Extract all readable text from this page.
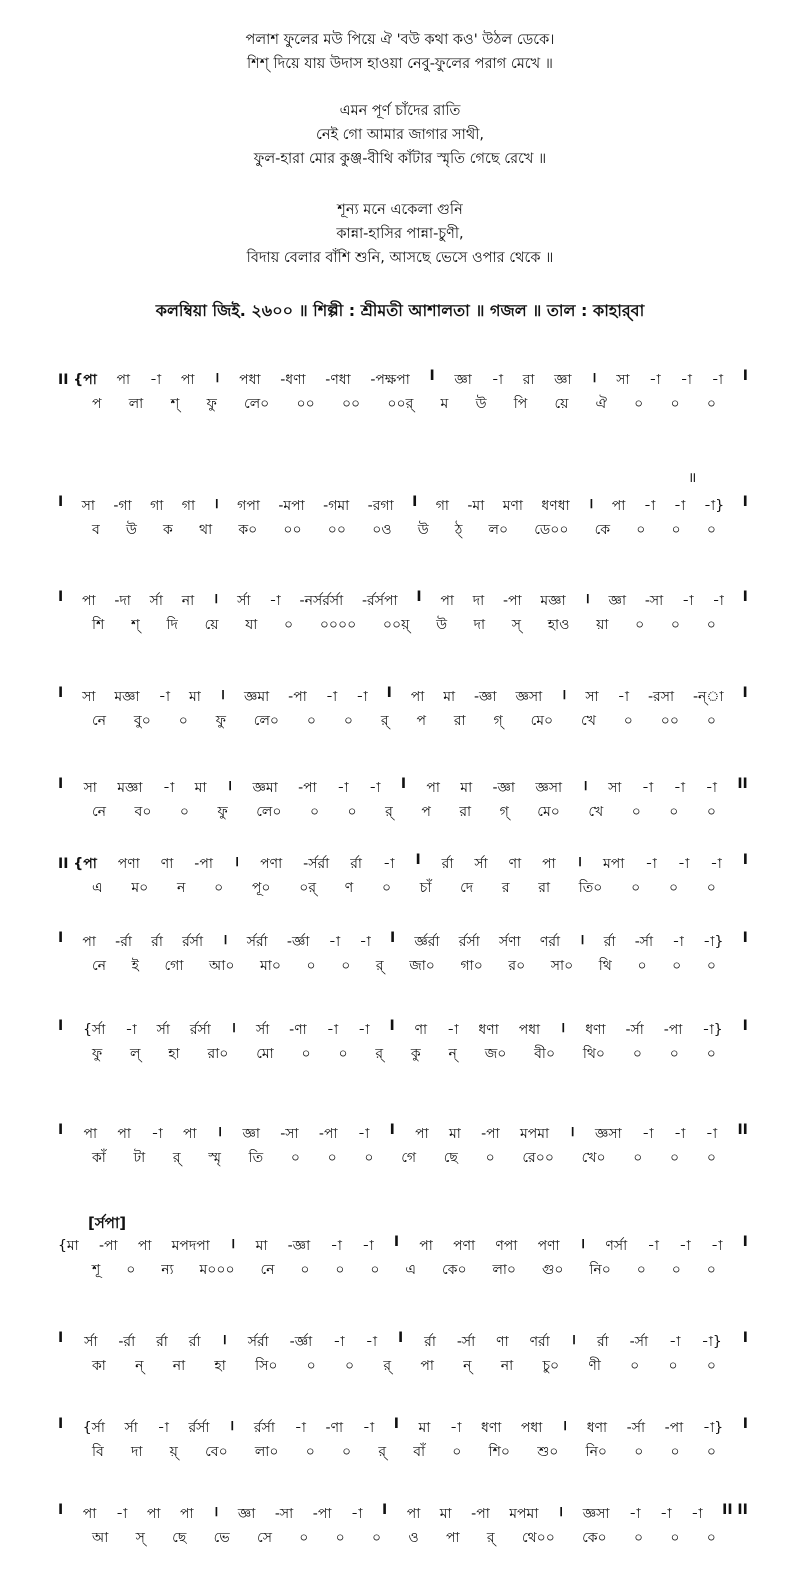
পলাশ ফুলের মউ পিয়ে ঐ 'বউ কথা কও' উঠল ডেকে।
শিশ্‌ দিয়ে যায় উদাস হাওয়া নেবু-ফুলের পরাগ মেখে ॥
এমন পূর্ণ চাঁদের রাতি
নেই গো আমার জাগার সাথী,
ফুল-হারা মোর কুঞ্জ-বীথি কাঁটার স্মৃতি গেছে রেখে ॥
শূন্য মনে একেলা গুনি
কান্না-হাসির পান্না-চুণী,
বিদায় বেলার বাঁশি শুনি, আসছে ভেসে ওপার থেকে ॥
কলম্বিয়া জিই. ২৬০০ ॥ শিল্পী : শ্রীমতী আশালতা ॥ গজল ॥ তাল : কাহার্‌বা
॥
[র্সপা]
II {পা পা -া পা । পধা -ধণা -ণধা -পক্ষপা I জ্ঞা -া রা জ্ঞা । সা -া -া -া I
প লা শ্‌ ফু লে০ ০০ ০০ ০০র্‌ ম উ পি য়ে ঐ ০ ০ ০
I সা -গা গা গা । গপা -মপা -গমা -রগা I গা -মা মণা ধণধা । পা -া -া -া} I
ব উ ক থা ক০ ০০ ০০ ০ও উ ঠ্‌ ল০ ডে০০ কে ০ ০ ০
I পা -দা র্সা না । র্সা -া -নর্সর্রর্সা -র্রর্সপা I পা দা -পা মজ্ঞা । জ্ঞা -সা -া -া I
শি শ্‌ দি য়ে যা ০ ০০০০ ০০য়্‌ উ দা স্‌ হাও য়া ০ ০ ০
I সা মজ্ঞা -া মা । জ্ঞমা -পা -া -া I পা মা -জ্ঞা জ্ঞসা । সা -া -রসা -ন্‌া I
নে বু০ ০ ফু লে০ ০ ০ র্‌ প রা গ্‌ মে০ খে ০ ০০ ০
I সা মজ্ঞা -া মা । জ্ঞমা -পা -া -া I পা মা -জ্ঞা জ্ঞসা । সা -া -া -া II
নে ব০ ০ ফু লে০ ০ ০ র্‌ প রা গ্‌ মে০ খে ০ ০ ০
II {পা পণা ণা -পা । পণা -র্সর্রা র্রা -া I র্রা র্সা ণা পা । মপা -া -া -া I
এ ম০ ন ০ পূ০ ০র্‌ ণ ০ চাঁ দে র রা তি০ ০ ০ ০
I পা -র্রা র্রা র্রর্সা । র্সর্রা -র্জ্ঞা -া -া I র্জ্ঞর্রা র্রর্সা র্সণা ণর্রা । র্রা -র্সা -া -া} I
নে ই গো আ০ মা০ ০ ০ র্‌ জা০ গা০ র০ সা০ থি ০ ০ ০
I {র্সা -া র্সা র্রর্সা । র্সা -ণা -া -া I ণা -া ধণা পধা । ধণা -র্সা -পা -া} I
ফু ল্‌ হা রা০ মো ০ ০ র্‌ কু ন্‌ জ০ বী০ থি০ ০ ০ ০
I পা পা -া পা । জ্ঞা -সা -পা -া I পা মা -পা মপমা । জ্ঞসা -া -া -া II
কাঁ টা র্‌ স্মৃ তি ০ ০ ০ গে ছে ০ রে০০ খে০ ০ ০ ০
{মা -পা পা মপদপা । মা -জ্ঞা -া -া I পা পণা ণপা পণা । ণর্সা -া -া -া I
শূ ০ ন্য ম০০০ নে ০ ০ ০ এ কে০ লা০ গু০ নি০ ০ ০ ০
I র্সা -র্রা র্রা র্রা । র্সর্রা -র্জ্ঞা -া -া I র্রা -র্সা ণা ণর্রা । র্রা -র্সা -া -া} I
কা ন্‌ না হা সি০ ০ ০ র্‌ পা ন্‌ না চু০ ণী ০ ০ ০
I {র্সা র্সা -া র্রর্সা । র্রর্সা -া -ণা -া I মা -া ধণা পধা । ধণা -র্সা -পা -া} I
বি দা য়্‌ বে০ লা০ ০ ০ র্‌ বাঁ ০ শি০ শু০ নি০ ০ ০ ০
I পা -া পা পা । জ্ঞা -সা -পা -া I পা মা -পা মপমা । জ্ঞসা -া -া -া II II
আ স্‌ ছে ভে সে ০ ০ ০ ও পা র্‌ থে০০ কে০ ০ ০ ০
